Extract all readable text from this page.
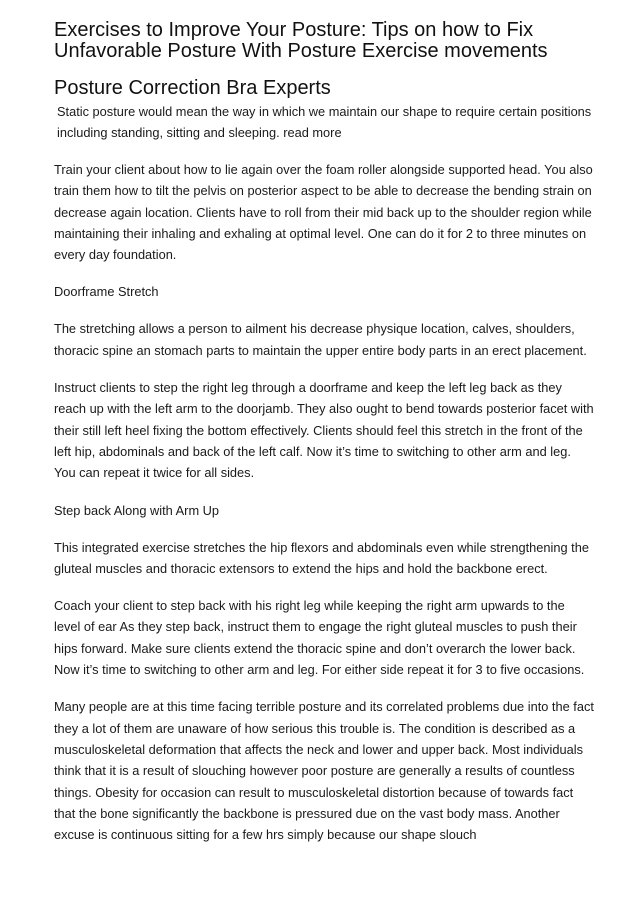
Exercises to Improve Your Posture: Tips on how to Fix Unfavorable Posture With Posture Exercise movements
Posture Correction Bra Experts

Static posture would mean the way in which we maintain our shape to require certain positions including standing, sitting and sleeping. read more

Train your client about how to lie again over the foam roller alongside supported head. You also train them how to tilt the pelvis on posterior aspect to be able to decrease the bending strain on decrease again location. Clients have to roll from their mid back up to the shoulder region while maintaining their inhaling and exhaling at optimal level. One can do it for 2 to three minutes on every day foundation.

Doorframe Stretch

The stretching allows a person to ailment his decrease physique location, calves, shoulders, thoracic spine an stomach parts to maintain the upper entire body parts in an erect placement.

Instruct clients to step the right leg through a doorframe and keep the left leg back as they reach up with the left arm to the doorjamb. They also ought to bend towards posterior facet with their still left heel fixing the bottom effectively. Clients should feel this stretch in the front of the left hip, abdominals and back of the left calf. Now it’s time to switching to other arm and leg. You can repeat it twice for all sides.

Step back Along with Arm Up

This integrated exercise stretches the hip flexors and abdominals even while strengthening the gluteal muscles and thoracic extensors to extend the hips and hold the backbone erect.

Coach your client to step back with his right leg while keeping the right arm upwards to the level of ear As they step back, instruct them to engage the right gluteal muscles to push their hips forward. Make sure clients extend the thoracic spine and don’t overarch the lower back. Now it’s time to switching to other arm and leg. For either side repeat it for 3 to five occasions.

Many people are at this time facing terrible posture and its correlated problems due into the fact they a lot of them are unaware of how serious this trouble is. The condition is described as a musculoskeletal deformation that affects the neck and lower and upper back. Most individuals think that it is a result of slouching however poor posture are generally a results of countless things. Obesity for occasion can result to musculoskeletal distortion because of towards fact that the bone significantly the backbone is pressured due on the vast body mass. Another excuse is continuous sitting for a few hrs simply because our shape slouch
